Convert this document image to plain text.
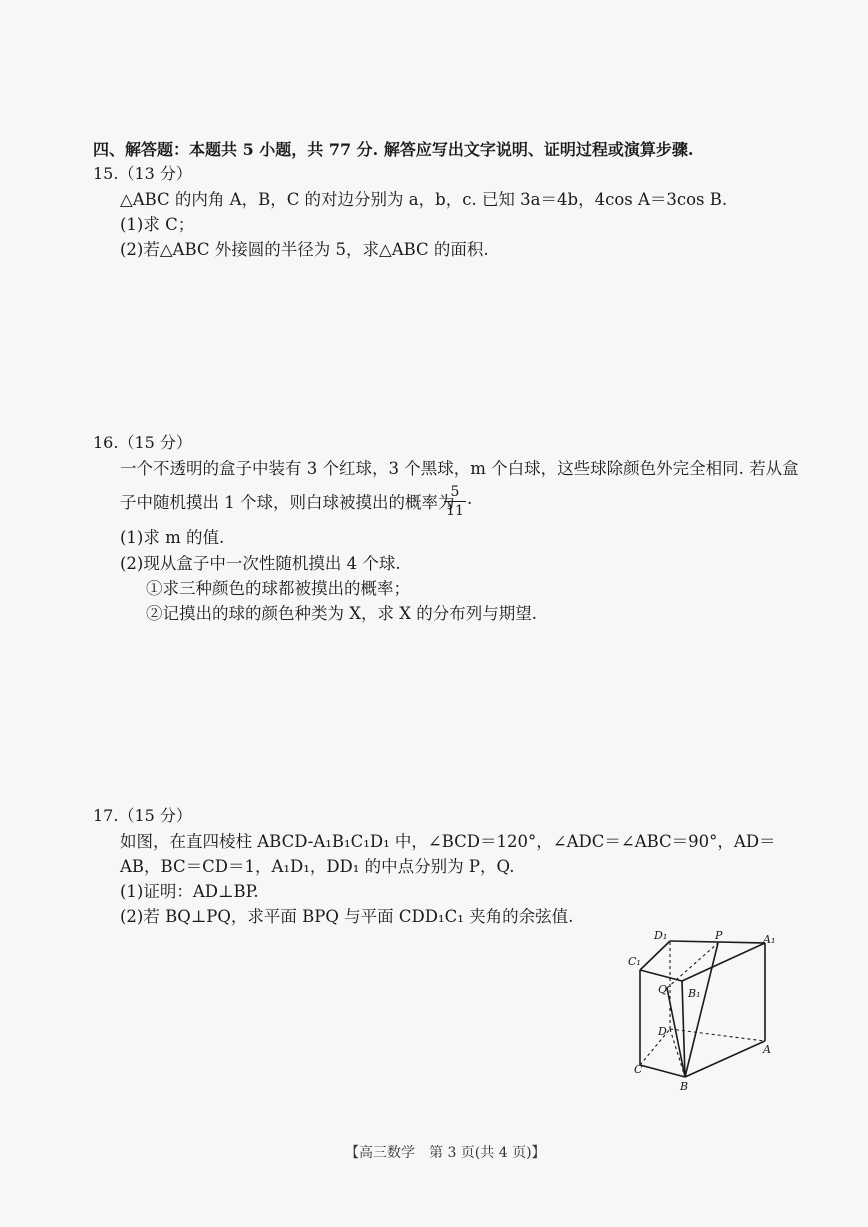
四、解答题：本题共 5 小题，共 77 分. 解答应写出文字说明、证明过程或演算步骤.
15.（13 分）
△ABC 的内角 A，B，C 的对边分别为 a，b，c. 已知 3a＝4b，4cos A＝3cos B.
(1)求 C；
(2)若△ABC 外接圆的半径为 5，求△ABC 的面积.
16.（15 分）
一个不透明的盒子中装有 3 个红球，3 个黑球，m 个白球，这些球除颜色外完全相同. 若从盒
子中随机摸出 1 个球，则白球被摸出的概率为
5
11
.
(1)求 m 的值.
(2)现从盒子中一次性随机摸出 4 个球.
①求三种颜色的球都被摸出的概率；
②记摸出的球的颜色种类为 X，求 X 的分布列与期望.
17.（15 分）
如图，在直四棱柱 ABCD-A₁B₁C₁D₁ 中，∠BCD＝120°，∠ADC＝∠ABC＝90°，AD＝
AB，BC＝CD＝1，A₁D₁，DD₁ 的中点分别为 P，Q.
(1)证明：AD⊥BP.
(2)若 BQ⊥PQ，求平面 BPQ 与平面 CDD₁C₁ 夹角的余弦值.
D₁	P	A₁
C₁
Q B₁
D
A
C
B
【高三数学　第 3 页(共 4 页)】
